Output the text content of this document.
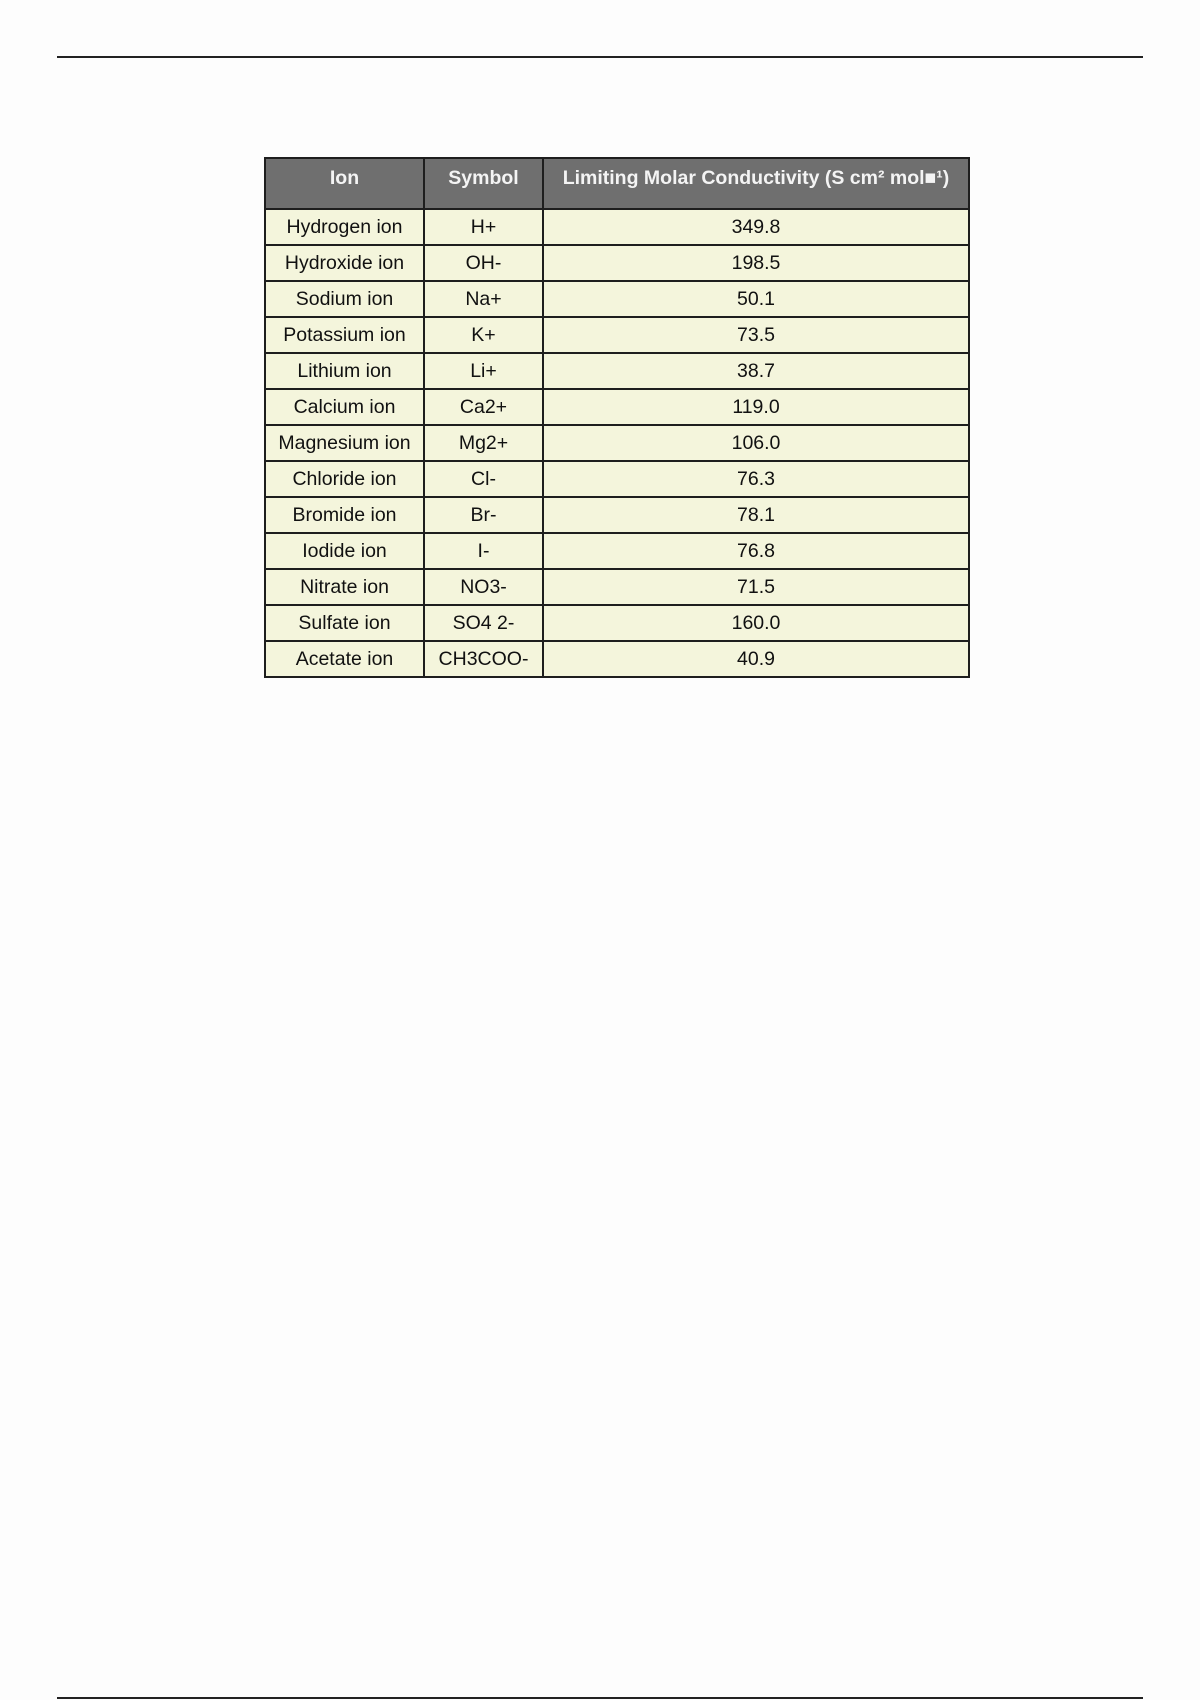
Ion	Symbol	Limiting Molar Conductivity (S cm² mol■¹)
Hydrogen ion	H+	349.8
Hydroxide ion	OH-	198.5
Sodium ion	Na+	50.1
Potassium ion	K+	73.5
Lithium ion	Li+	38.7
Calcium ion	Ca2+	119.0
Magnesium ion	Mg2+	106.0
Chloride ion	Cl-	76.3
Bromide ion	Br-	78.1
Iodide ion	I-	76.8
Nitrate ion	NO3-	71.5
Sulfate ion	SO4 2-	160.0
Acetate ion	CH3COO-	40.9
